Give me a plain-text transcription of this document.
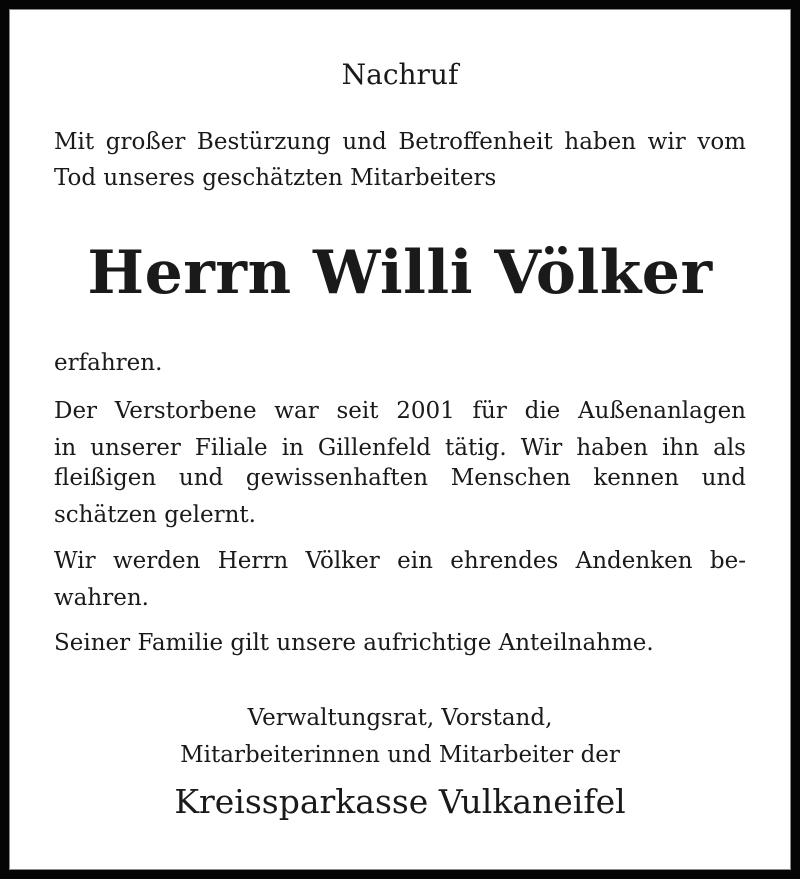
Nachruf
Mit großer Bestürzung und Betroffenheit haben wir vom
Tod unseres geschätzten Mitarbeiters
Herrn Willi Völker
erfahren.
Der Verstorbene war seit 2001 für die Außenanlagen
in unserer Filiale in Gillenfeld tätig. Wir haben ihn als
fleißigen und gewissenhaften Menschen kennen und
schätzen gelernt.
Wir werden Herrn Völker ein ehrendes Andenken be-
wahren.
Seiner Familie gilt unsere aufrichtige Anteilnahme.
Verwaltungsrat, Vorstand,
Mitarbeiterinnen und Mitarbeiter der
Kreissparkasse Vulkaneifel
